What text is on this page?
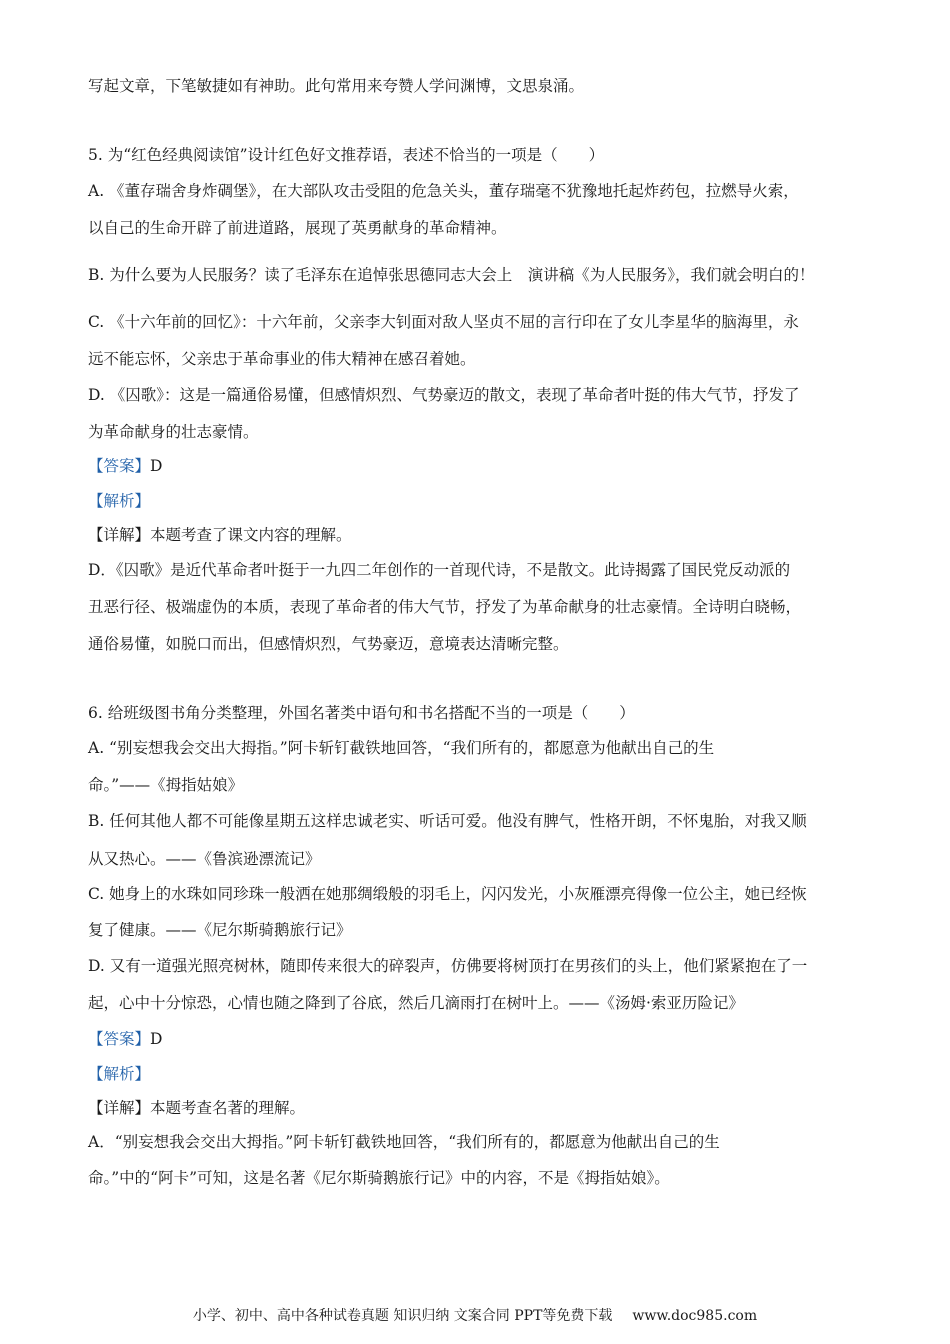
写起文章，下笔敏捷如有神助。此句常用来夸赞人学问渊博，文思泉涌。
5. 为“红色经典阅读馆”设计红色好文推荐语，表述不恰当的一项是（　　）
A. 《董存瑞舍身炸碉堡》，在大部队攻击受阻的危急关头，董存瑞毫不犹豫地托起炸药包，拉燃导火索，
以自己的生命开辟了前进道路，展现了英勇献身的革命精神。
B. 为什么要为人民服务？读了毛泽东在追悼张思德同志大会上　演讲稿《为人民服务》，我们就会明白的！
C. 《十六年前的回忆》：十六年前，父亲李大钊面对敌人坚贞不屈的言行印在了女儿李星华的脑海里，永
远不能忘怀，父亲忠于革命事业的伟大精神在感召着她。
D. 《囚歌》：这是一篇通俗易懂，但感情炽烈、气势豪迈的散文，表现了革命者叶挺的伟大气节，抒发了
为革命献身的壮志豪情。
【答案】D
【解析】
【详解】本题考查了课文内容的理解。
D．《囚歌》是近代革命者叶挺于一九四二年创作的一首现代诗，不是散文。此诗揭露了国民党反动派的
丑恶行径、极端虚伪的本质，表现了革命者的伟大气节，抒发了为革命献身的壮志豪情。全诗明白晓畅，
通俗易懂，如脱口而出，但感情炽烈，气势豪迈，意境表达清晰完整。
6. 给班级图书角分类整理，外国名著类中语句和书名搭配不当的一项是（　　）
A. “别妄想我会交出大拇指。”阿卡斩钉截铁地回答，“我们所有的，都愿意为他献出自己的生
命。”——《拇指姑娘》
B. 任何其他人都不可能像星期五这样忠诚老实、听话可爱。他没有脾气，性格开朗，不怀鬼胎，对我又顺
从又热心。——《鲁滨逊漂流记》
C. 她身上的水珠如同珍珠一般洒在她那绸缎般的羽毛上，闪闪发光，小灰雁漂亮得像一位公主，她已经恢
复了健康。——《尼尔斯骑鹅旅行记》
D. 又有一道强光照亮树林，随即传来很大的碎裂声，仿佛要将树顶打在男孩们的头上，他们紧紧抱在了一
起，心中十分惊恐，心情也随之降到了谷底，然后几滴雨打在树叶上。——《汤姆·索亚历险记》
【答案】D
【解析】
【详解】本题考查名著的理解。
A．“别妄想我会交出大拇指。”阿卡斩钉截铁地回答，“我们所有的，都愿意为他献出自己的生
命。”中的“阿卡”可知，这是名著《尼尔斯骑鹅旅行记》中的内容，不是《拇指姑娘》。
小学、初中、高中各种试卷真题 知识归纳 文案合同 PPT等免费下载 www.doc985.com
